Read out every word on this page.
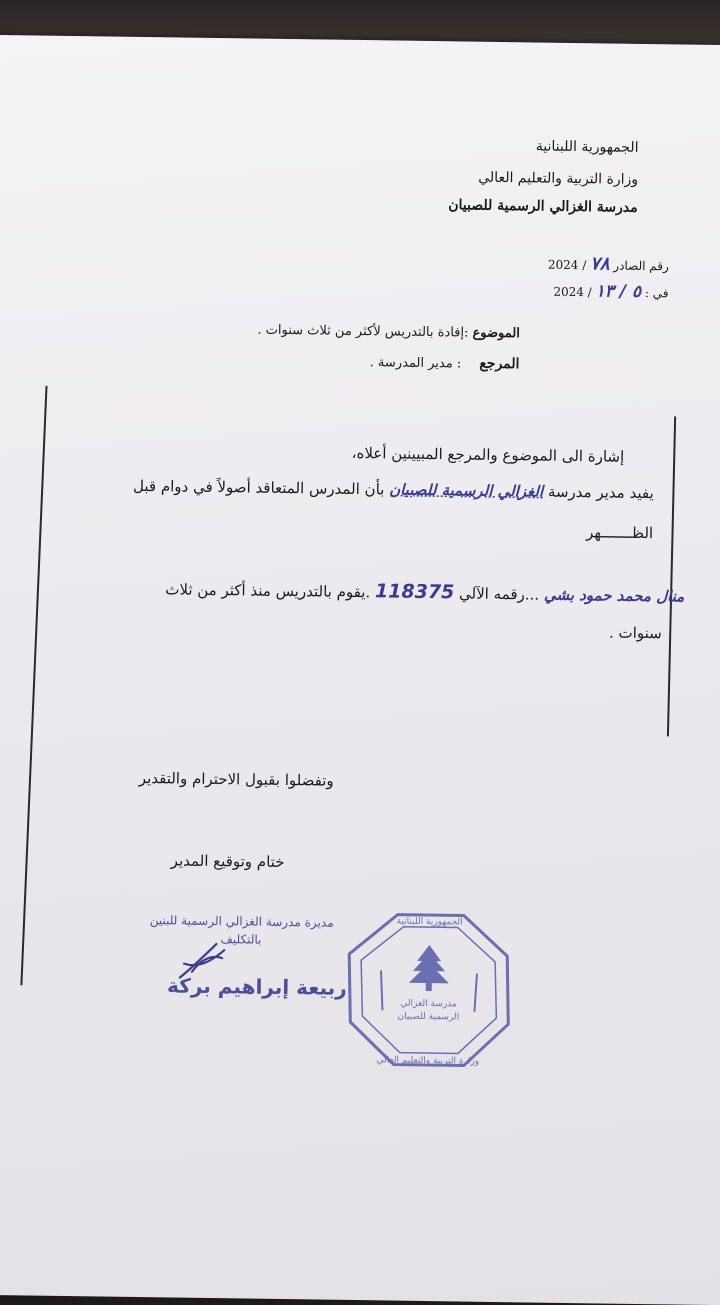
الجمهورية اللبنانية
وزارة التربية والتعليم العالي
مدرسة الغزالي الرسمية للصبيان
رقم الصادر ٧٨ / 2024
في : ٥ / ١٣ / 2024
الموضوع :إفادة بالتدريس لأكثر من ثلاث سنوات .
المرجع : مدير المدرسة .
إشارة الى الموضوع والمرجع المبيينين أعلاه،
يفيد مدير مدرسة الغزالي الرسمية للصبيان بأن المدرس المتعاقد أصولاً في دوام قبل
الظـــــــهر
منال محمد حمود بشي ...رقمه الآلي 118375 .يقوم بالتدريس منذ أكثر من ثلاث
سنوات .
وتفضلوا بقبول الاحترام والتقدير
ختام وتوقيع المدير
مديرة مدرسة الغزالي الرسمية للبنين
بالتكليف
ربيعة إبراهيم بركة
الجمهورية اللبنانية
وزارة التربية والتعليم العالي
مدرسة الغزالي
الرسمية للصبيان
